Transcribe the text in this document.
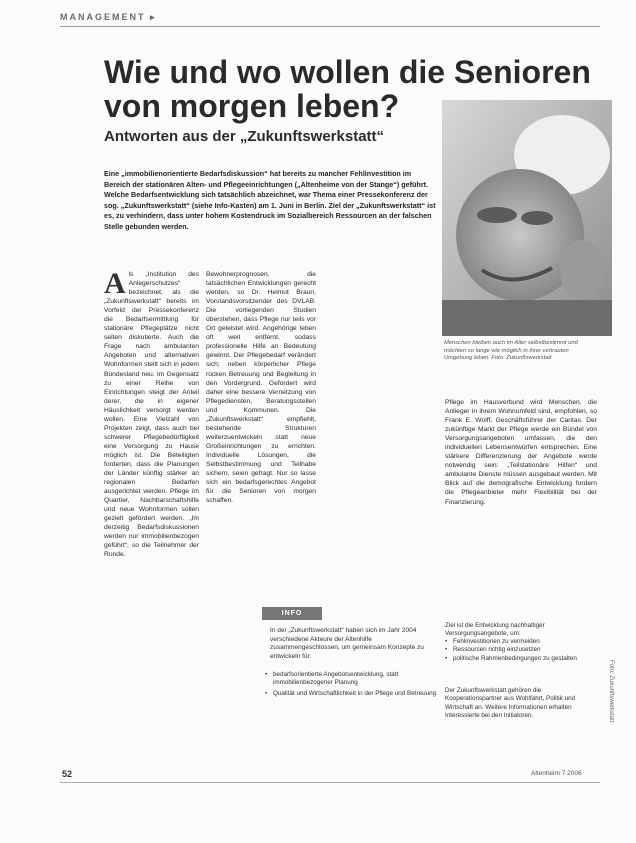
MANAGEMENT ▸
Wie und wo wollen die Senioren von morgen leben?
Antworten aus der „Zukunftswerkstatt“

Eine „immobilienorientierte Bedarfsdiskussion“ hat bereits zu mancher Fehlinvestition im Bereich der stationären Alten- und Pflegeeinrichtungen („Altenheime von der Stange“) geführt. Welche Bedarfsentwicklung sich tatsächlich abzeichnet, war Thema einer Pressekonferenz der sog. „Zukunftswerkstatt“ (siehe Info-Kasten) am 1. Juni in Berlin. Ziel der „Zukunftswerkstatt“ ist es, zu verhindern, dass unter hohem Kostendruck im Sozialbereich Ressourcen an der falschen Stelle gebunden werden.

Menschen bleiben auch im Alter selbstbestimmt und möchten so lange wie möglich in ihrer vertrauten Umgebung leben. Foto: Zukunftswerkstatt

A ls „Institution des Anlegerschutzes“ bezeichnet, als die „Zukunftswerkstatt“ bereits im Vorfeld der Pressekonferenz die Bedarfsermittlung für stationäre Pflegeplätze nicht selten diskutierte. Auch die Frage nach ambulanten Angeboten und alternativen Wohnformen stellt sich in jedem Bundesland neu. Im Gegensatz zu einer Reihe von Einrichtungen steigt der Anteil derer, die in eigener Häuslichkeit versorgt werden wollen. Eine Vielzahl von Projekten zeigt, dass auch bei schwerer Pflegebedürftigkeit eine Versorgung zu Hause möglich ist. Die Beteiligten forderten, dass die Planungen der Länder künftig stärker an regionalen Bedarfen ausgerichtet werden. Pflege im Quartier, Nachbarschaftshilfe und neue Wohnformen sollen gezielt gefördert werden. „Im derzeitig Bedarfsdiskussionen werden nur immobilienbezogen geführt“, so die Teilnehmer der Runde.

Bewohnerprognosen, die tatsächlichen Entwicklungen gerecht werden, so Dr. Helmut Braun, Vorstandsvorsitzender des DVLAB. Die vorliegenden Studien überstehen, dass Pflege nur teils vor Ort geleistet wird. Angehörige leben oft weit entfernt, sodass professionelle Hilfe an Bedeutung gewinnt. Der Pflegebedarf verändert sich; neben körperlicher Pflege rücken Betreuung und Begleitung in den Vordergrund. Gefordert wird daher eine bessere Vernetzung von Pflegediensten, Beratungsstellen und Kommunen. Die „Zukunftswerkstatt“ empfiehlt, bestehende Strukturen weiterzuentwickeln statt neue Großeinrichtungen zu errichten. Individuelle Lösungen, die Selbstbestimmung und Teilhabe sichern, seien gefragt. Nur so lasse sich ein bedarfsgerechtes Angebot für die Senioren von morgen schaffen.

Pflege im Hausverbund wird Menschen, die Anlieger in ihrem Wohnumfeld sind, empfohlen, so Frank E. Wolff, Geschäftsführer der Caritas. Der zukünftige Markt der Pflege werde ein Bündel von Versorgungsangeboten umfassen, die den individuellen Lebensentwürfen entsprechen. Eine stärkere Differenzierung der Angebote werde notwendig sein: „Teilstationäre Hilfen“ und ambulante Dienste müssen ausgebaut werden. Mit Blick auf die demografische Entwicklung fordern die Pflegeanbieter mehr Flexibilität bei der Finanzierung.

INFO

In der „Zukunftswerkstatt“ haben sich im Jahr 2004 verschiedene Akteure der Altenhilfe zusammengeschlossen, um gemeinsam Konzepte zu entwickeln für:

• bedarfsorientierte Angebotsentwicklung, statt immobilienbezogener Planung
• Qualität und Wirtschaftlichkeit in der Pflege und Betreuung

Ziel ist die Entwicklung nachhaltiger Versorgungsangebote, um:

• Fehlinvestitionen zu vermeiden
• Ressourcen richtig einzusetzen
• politische Rahmenbedingungen zu gestalten

Der Zukunftswerkstatt gehören die Kooperationspartner aus Wohlfahrt, Politik und Wirtschaft an. Weitere Informationen erhalten Interessierte bei den Initiatoren.	Foto: Zukunftswerkstatt
52	Altenheim 7 2006
